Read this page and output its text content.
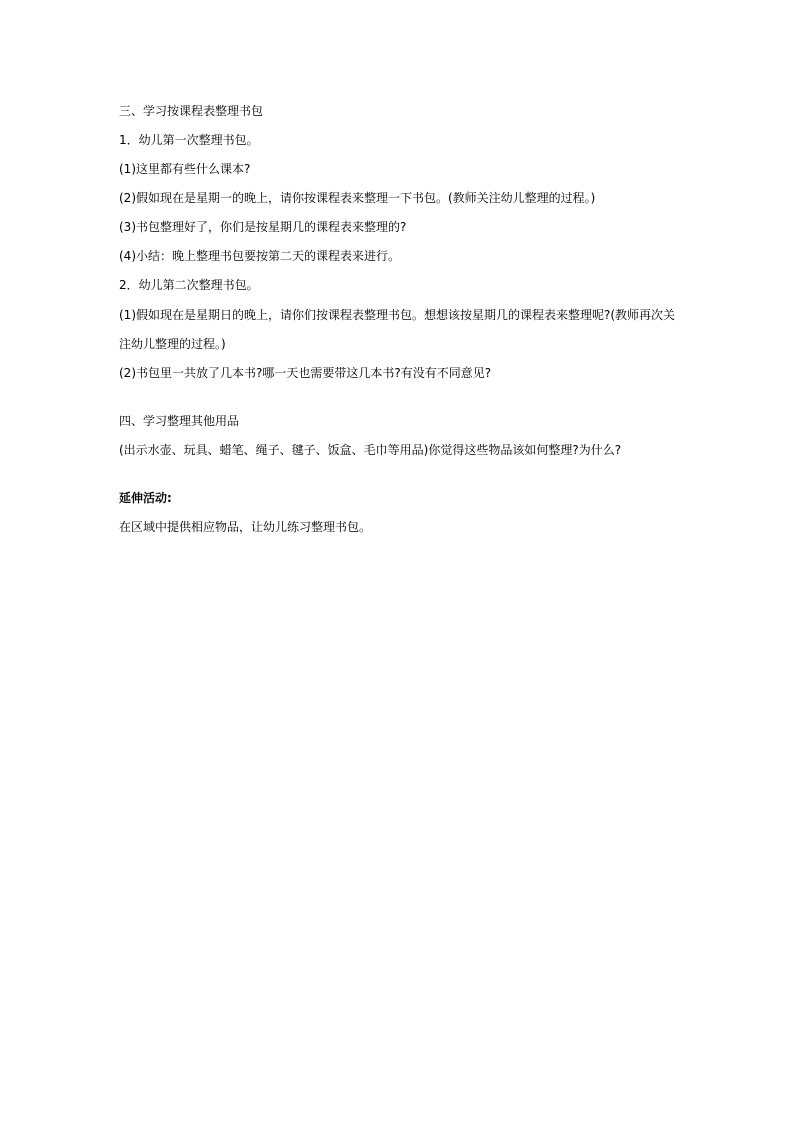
三、学习按课程表整理书包
1．幼儿第一次整理书包。
(1)这里都有些什么课本?
(2)假如现在是星期一的晚上，请你按课程表来整理一下书包。(教师关注幼儿整理的过程。)
(3)书包整理好了，你们是按星期几的课程表来整理的?
(4)小结：晚上整理书包要按第二天的课程表来进行。
2．幼儿第二次整理书包。
(1)假如现在是星期日的晚上，请你们按课程表整理书包。想想该按星期几的课程表来整理呢?(教师再次关
注幼儿整理的过程。)
(2)书包里一共放了几本书?哪一天也需要带这几本书?有没有不同意见?
四、学习整理其他用品
(出示水壶、玩具、蜡笔、绳子、毽子、饭盒、毛巾等用品)你觉得这些物品该如何整理?为什么?
延伸活动:
在区域中提供相应物品，让幼儿练习整理书包。
